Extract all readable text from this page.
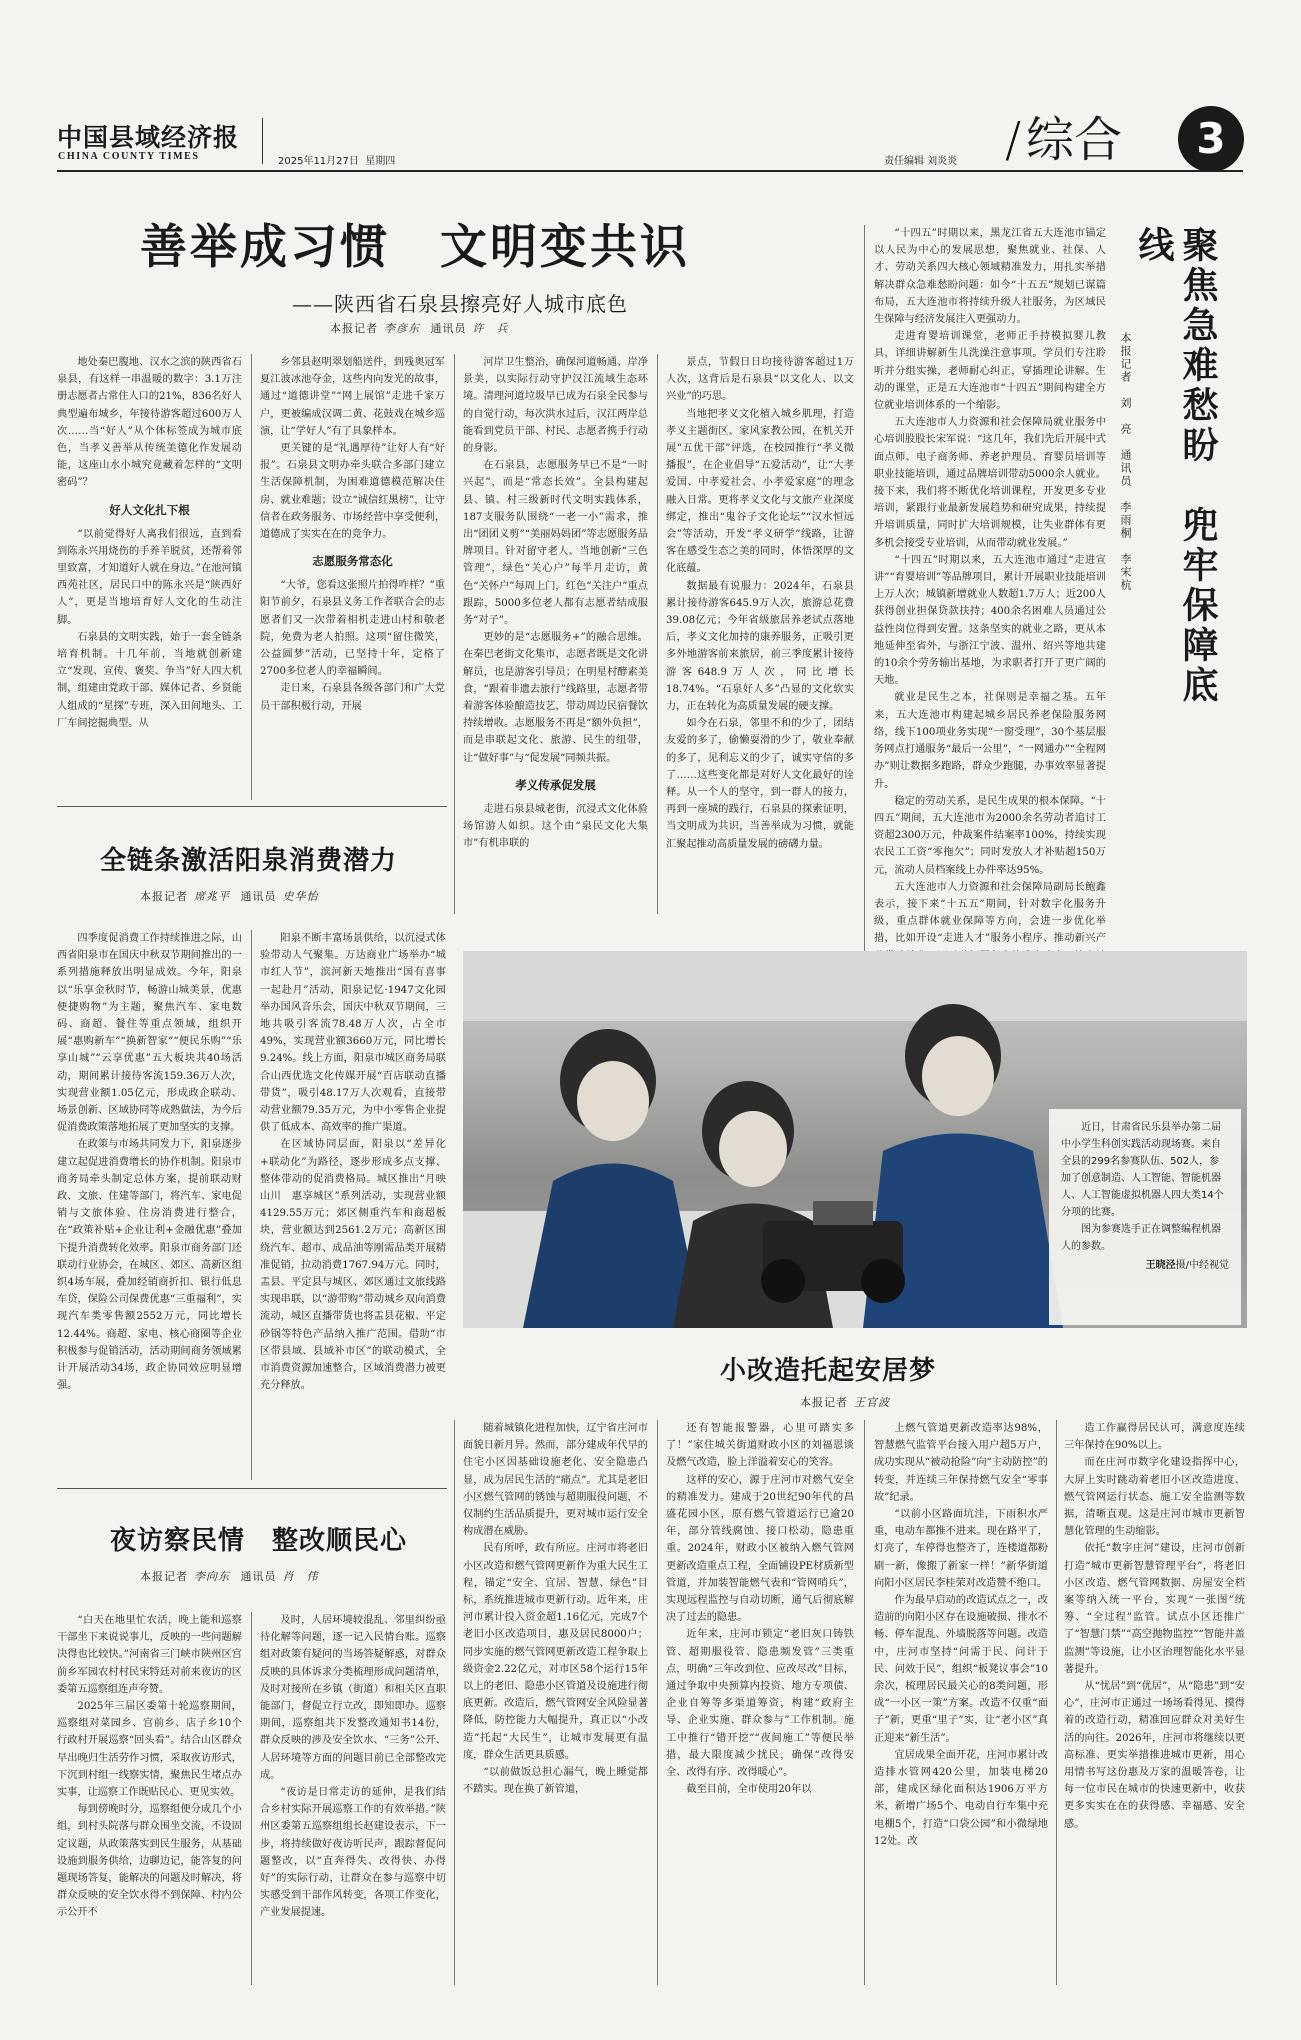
中国县域经济报
CHINA COUNTY TIMES	2025年11月27日 星期四	责任编辑 刘炎炎 / 综合	3
善举成习惯　文明变共识
——陕西省石泉县擦亮好人城市底色
本报记者 李彦东 通讯员 许　兵

地处秦巴腹地、汉水之滨的陕西省石泉县，有这样一串温暖的数字：3.1万注册志愿者占常住人口的21%，836名好人典型遍布城乡，年接待游客超过600万人次……当“好人”从个体标签成为城市底色，当孝义善举从传统美德化作发展动能，这座山水小城究竟藏着怎样的“文明密码”？

好人文化扎下根

“以前觉得好人离我们很远，直到看到陈永兴用烧伤的手养羊脱贫，还帮着邻里致富，才知道好人就在身边。”在池河镇西苑社区，居民口中的陈永兴是“陕西好人”，更是当地培育好人文化的生动注脚。

石泉县的文明实践，始于一套全链条培育机制。十几年前，当地就创新建立“发现、宣传、褒奖、争当”好人四大机制，组建由党政干部、媒体记者、乡贤能人组成的“星探”专班，深入田间地头、工厂车间挖掘典型。从

乡邻县赵明翠划船送件，到残奥冠军夏江波冰池夺金，这些内向发光的故事，通过“道德讲堂”“网上展馆”走进千家万户，更被编成汉调二黄、花鼓戏在城乡巡演，让“学好人”有了具象样本。

更关键的是“礼遇厚待”让好人有“好报”。石泉县文明办牵头联合多部门建立生活保障机制，为困难道德模范解决住房、就业难题；设立“诚信红黑榜”，让守信者在政务服务、市场经营中享受便利，道德成了实实在在的竞争力。

志愿服务常态化

“大爷，您看这张照片拍得咋样？”重阳节前夕，石泉县义务工作者联合会的志愿者们又一次带着相机走进山村和敬老院，免费为老人拍照。这项“留住微笑，公益圆梦”活动，已坚持十年，定格了2700多位老人的幸福瞬间。

走日来，石泉县各级各部门和广大党员干部积极行动，开展

河岸卫生整治，确保河道畅通、岸净景美，以实际行动守护汉江流域生态环境。清理河道垃圾早已成为石泉全民参与的自觉行动，每次洪水过后，汉江两岸总能看到党员干部、村民、志愿者携手行动的身影。

在石泉县，志愿服务早已不是“一时兴起”，而是“常态长效”。全县构建起县、镇、村三级新时代文明实践体系，187支服务队围绕“一老一小”需求，推出“团团义剪”“美丽妈妈团”等志愿服务品牌项目。针对留守老人、当地创新“三色管理”，绿色“关心户”每半月走访，黄色“关怀户”每周上门，红色“关注户”重点跟踪，5000多位老人都有志愿者结成服务“对子”。

更妙的是“志愿服务+”的融合思维。在秦巴老街文化集市，志愿者既是文化讲解员，也是游客引导员；在明星村酵素美食，“跟着非遗去旅行”线路里，志愿者带着游客体验酿造技艺，带动周边民宿餐饮持续增收。志愿服务不再是“额外负担”，而是串联起文化、旅游、民生的纽带，让“做好事”与“促发展”同频共振。

孝义传承促发展

走进石泉县城老街，沉浸式文化体验场馆游人如织。这个由“泉民文化大集市”有机串联的

景点，节假日日均接待游客超过1万人次，这背后是石泉县“以文化人、以文兴业”的巧思。

当地把孝义文化植入城乡肌理，打造孝义主题街区、家风家教公园，在机关开展“五优干部”评选，在校园推行“孝义微播报”，在企业倡导“五爱活动”，让“大孝爱国、中孝爱社会、小孝爱家庭”的理念融入日常。更将孝义文化与文旅产业深度绑定，推出“鬼谷子文化论坛”“汉水恒远会”等活动，开发“孝义研学”线路，让游客在感受生态之美的同时，体悟深厚的文化底蕴。

数据最有说服力：2024年，石泉县累计接待游客645.9万人次，旅游总花费39.08亿元；今年省级旅居养老试点落地后，孝义文化加持的康养服务，正吸引更多外地游客前来旅居，前三季度累计接待游客648.9万人次，同比增长18.74%。“石泉好人多”凸显的文化软实力，正在转化为高质量发展的硬支撑。

如今在石泉，邻里不和的少了，团结友爱的多了，偷懒耍滑的少了，敬业奉献的多了，见利忘义的少了，诚实守信的多了……这些变化都是对好人文化最好的诠释。从一个人的坚守，到一群人的接力，再到一座城的践行，石泉县的探索证明，当文明成为共识，当善举成为习惯，就能汇聚起推动高质量发展的磅礴力量。

“十四五”时期以来，黑龙江省五大连池市锚定以人民为中心的发展思想，聚焦就业、社保、人才、劳动关系四大核心领域精准发力，用扎实举措解决群众急难愁盼问题：如今“十五五”规划已谋篇布局，五大连池市将持续升级人社服务，为区域民生保障与经济发展注入更强动力。

走进育婴培训课堂，老师正手持模拟婴儿教具，详细讲解新生儿洗澡注意事项。学员们专注聆听并分组实操，老师耐心纠正，穿插理论讲解。生动的课堂，正是五大连池市“十四五”期间构建全方位就业培训体系的一个缩影。

五大连池市人力资源和社会保障局就业服务中心培训股股长宋军说：“这几年，我们先后开展中式面点师、电子商务师、养老护理员、育婴员培训等职业技能培训，通过品牌培训带动5000余人就业。接下来，我们将不断优化培训课程，开发更多专业培训，紧跟行业最新发展趋势和研究成果，持续提升培训质量，同时扩大培训规模，让失业群体有更多机会接受专业培训，从而带动就业发展。”

“十四五”时期以来，五大连池市通过“走进宣讲”“育婴培训”等品牌项目，累计开展职业技能培训上万人次；城镇新增就业人数超1.7万人；近200人获得创业担保贷款扶持；400余名困难人员通过公益性岗位得到安置。这条坚实的就业之路，更从本地延伸至省外，与浙江宁波、温州、绍兴等地共建的10余个劳务输出基地，为求职者打开了更广阔的天地。

就业是民生之本，社保则是幸福之基。五年来，五大连池市构建起城乡居民养老保险服务网络，线下100项业务实现“一窗受理”，30个基层服务网点打通服务“最后一公里”，“一网通办”“全程网办”则让数据多跑路，群众少跑腿，办事效率显著提升。

稳定的劳动关系，是民生成果的根本保障。“十四五”期间，五大连池市为2000余名劳动者追讨工资超2300万元，仲裁案件结案率100%，持续实现农民工工资“零拖欠”；同时发放人才补贴超150万元，流动人员档案线上办件率达95%。

五大连池市人力资源和社会保障局副局长鲍鑫表示，接下来“十五五”期间，针对数字化服务升级、重点群体就业保障等方向，会进一步优化举措，比如开设“走进人才”服务小程序、推动新兴产

本报记者　刘　亮　通讯员　李雨桐　李宋杭 聚焦急难愁盼　兜牢保障底线
全链条激活阳泉消费潜力
本报记者 席兆平 通讯员 史华怡

四季度促消费工作持续推进之际，山西省阳泉市在国庆中秋双节期间推出的一系列措施释放出明显成效。今年，阳泉以“乐享金秋时节，畅游山城美景，优惠便捷购物”为主题，聚焦汽车、家电数码、商超、餐住等重点领域，组织开展“惠购新车”“换新智家”“便民乐购”“乐享山城”“云享优惠”五大板块共40场活动，期间累计接待客流159.36万人次，实现营业额1.05亿元，形成政企联动、场景创新、区域协同等成熟做法，为今后促消费政策落地拓展了更加坚实的支撑。

在政策与市场共同发力下，阳泉逐步建立起促进消费增长的协作机制。阳泉市商务局牵头制定总体方案，提前联动财政、文旅、住建等部门，将汽车、家电促销与文旅体验、住房消费进行整合，在“政策补贴+企业让利+金融优惠”叠加下提升消费转化效率。阳泉市商务部门还联动行业协会，在城区、郊区、高新区组织4场车展，叠加经销商折扣、银行低息车贷，保险公司保费优惠“三重福利”，实现汽车类零售额2552万元，同比增长12.44%。商超、家电、核心商圈等企业积极参与促销活动，活动期间商务领域累计开展活动34场，政企协同效应明显增强。

阳泉不断丰富场景供给，以沉浸式体验带动人气聚集。万达商业广场举办“城市红人节”，滨河新天地推出“国有喜事　一起赴月”活动，阳泉记忆·1947文化园举办国风音乐会，国庆中秋双节期间，三地共吸引客流78.48万人次，占全市49%，实现营业额3660万元，同比增长9.24%。线上方面，阳泉市城区商务局联合山西优选文化传媒开展“百店联动直播带货”，吸引48.17万人次观看，直接带动营业额79.35万元，为中小零售企业提供了低成本、高效率的推广渠道。

在区域协同层面，阳泉以“差异化+联动化”为路径，逐步形成多点支撑、整体带动的促消费格局。城区推出“月映山川　惠享城区”系列活动，实现营业额4129.55万元；郊区侧重汽车和商超板块，营业额达到2561.2万元；高新区围绕汽车、超市、成品油等刚需品类开展精准促销，拉动消费1767.94万元。同时，盂县、平定县与城区、郊区通过文旅线路实现串联，以“游带购”带动城乡双向消费流动，城区直播带货也将盂县花椒、平定砂锅等特色产品纳入推广范围。借助“市区带县域、县域补市区”的联动模式，全市消费资源加速整合，区域消费潜力被更充分释放。

近日，甘肃省民乐县举办第二届中小学生科创实践活动现场赛。来自全县的299名参赛队伍、502人，参加了创意制造、人工智能、智能机器人、人工智能虚拟机器人四大类14个分项的比赛。

图为参赛选手正在调整编程机器人的参数。

王晓泾摄/中经视觉

小改造托起安居梦
本报记者 王官波

随着城镇化进程加快，辽宁省庄河市面貌日新月异。然而，部分建成年代早的住宅小区因基础设施老化、安全隐患凸显，成为居民生活的“痛点”。尤其是老旧小区燃气管网的锈蚀与超期服役问题，不仅制约生活品质提升，更对城市运行安全构成潜在威胁。

民有所呼，政有所应。庄河市将老旧小区改造和燃气管网更新作为重大民生工程，锚定“安全、宜居、智慧、绿色”目标，系统推进城市更新行动。近年来，庄河市累计投入资金超1.16亿元，完成7个老旧小区改造项目，惠及居民8000户；同步实施的燃气管网更新改造工程争取上级资金2.22亿元，对市区58个运行15年以上的老旧、隐患小区管道及设施进行彻底更新。改造后，燃气管网安全风险显著降低，防控能力大幅提升，真正以“小改造”托起“大民生”，让城市发展更有温度，群众生活更具质感。

“以前做饭总担心漏气，晚上睡觉都不踏实。现在换了新管道，

还有智能报警器，心里可踏实多了！”家住城关街道财政小区的刘福恩谈及燃气改造，脸上洋溢着安心的笑容。

这样的安心，源于庄河市对燃气安全的精准发力。建成于20世纪90年代的昌盛花园小区，原有燃气管道运行已逾20年，部分管线腐蚀、接口松动，隐患重重。2024年，财政小区被纳入燃气管网更新改造重点工程，全面铺设PE材质新型管道，并加装智能燃气表和“管网哨兵”，实现远程监控与自动切断，通气后彻底解决了过去的隐患。

近年来，庄河市锁定“老旧灰口铸铁管、超期服役管、隐患频发管”三类重点，明确“三年改到位、应改尽改”目标，通过争取中央预算内投资、地方专项债、企业自筹等多渠道筹资，构建“政府主导、企业实施、群众参与”工作机制。施工中推行“错开挖”“夜间施工”等便民举措，最大限度减少扰民，确保“改得安全、改得有序、改得暖心”。

截至目前，全市使用20年以

上燃气管道更新改造率达98%，智慧燃气监管平台接入用户超5万户，成功实现从“被动抢险”向“主动防控”的转变，并连续三年保持燃气安全“零事故”纪录。

“以前小区路面坑洼，下雨积水严重，电动车都推不进来。现在路平了，灯亮了，车停得也整齐了，连楼道都粉刷一新，像搬了新家一样！”新华街道向阳小区居民李桂荣对改造赞不绝口。

作为最早启动的改造试点之一，改造前的向阳小区存在设施破损、排水不畅、停车混乱、外墙脱落等问题。改造中，庄河市坚持“问需于民、问计于民、问效于民”，组织“板凳议事会”10余次，梳理居民最关心的8类问题，形成“一小区一策”方案。改造不仅重“面子”新，更重“里子”实，让“老小区”真正迎来“新生活”。

宜居成果全面开花，庄河市累计改造排水管网420公里，加装电梯20部，建成区绿化面积达1906万平方米，新增广场5个、电动自行车集中充电棚5个，打造“口袋公园”和小微绿地12处。改

造工作赢得居民认可，满意度连续三年保持在90%以上。

而在庄河市数字化建设指挥中心，大屏上实时跳动着老旧小区改造进度、燃气管网运行状态、施工安全监测等数据，清晰直观。这是庄河市城市更新智慧化管理的生动缩影。

依托“数字庄河”建设，庄河市创新打造“城市更新智慧管理平台”，将老旧小区改造、燃气管网数据、房屋安全档案等纳入统一平台，实现“一张图”统筹、“全过程”监管。试点小区还推广了“智慧门禁”“高空抛物监控”“智能井盖监测”等设施，让小区治理智能化水平显著提升。

从“忧居”到“优居”，从“隐患”到“安心”，庄河市正通过一场场看得见、摸得着的改造行动，精准回应群众对美好生活的向往。2026年，庄河市将继续以更高标准、更实举措推进城市更新，用心用情书写这份惠及万家的温暖答卷，让每一位市民在城市的快速更新中，收获更多实实在在的获得感、幸福感、安全感。

夜访察民情　整改顺民心
本报记者 李向东 通讯员 肖　伟

“白天在地里忙农活，晚上能和巡察干部坐下来说说事儿，反映的一些问题解决得也比较快。”河南省三门峡市陕州区宫前乡军园农村村民宋特廷对前来夜访的区委第五巡察组连声夸赞。

2025年三届区委第十轮巡察期间，巡察组对菜园乡、宫前乡、店子乡10个行政村开展巡察“回头看”。结合山区群众早出晚归生活劳作习惯，采取夜访形式，下沉到村组一线察实情，聚焦民生堵点办实事，让巡察工作既贴民心、更见实效。

每到傍晚时分，巡察组便分成几个小组，到村头院落与群众围坐交流，不设固定议题，从政策落实到民生服务，从基础设施到服务供给，边聊边记，能答复的问题现场答复，能解决的问题及时解决，将群众反映的安全饮水得不到保障、村内公示公开不

及时，人居环境较混乱、邻里纠纷亟待化解等问题，逐一记入民情台账。巡察组对政策有疑问的当场答疑解惑，对群众反映的具体诉求分类梳理形成问题清单，及时对接所在乡镇（街道）和相关区直职能部门，督促立行立改，即知即办。巡察期间，巡察组共下发整改通知书14份，群众反映的涉及安全饮水、“三务”公开、人居环境等方面的问题目前已全部整改完成。

“夜访是日常走访的延伸，是我们结合乡村实际开展巡察工作的有效举措。”陕州区委第五巡察组组长赵建设表示，下一步，将持续做好夜访听民声，跟踪督促问题整改，以“直奔得失、改得快、办得好”的实际行动，让群众在参与巡察中切实感受到干部作风转变，各项工作变化，产业发展提速。
